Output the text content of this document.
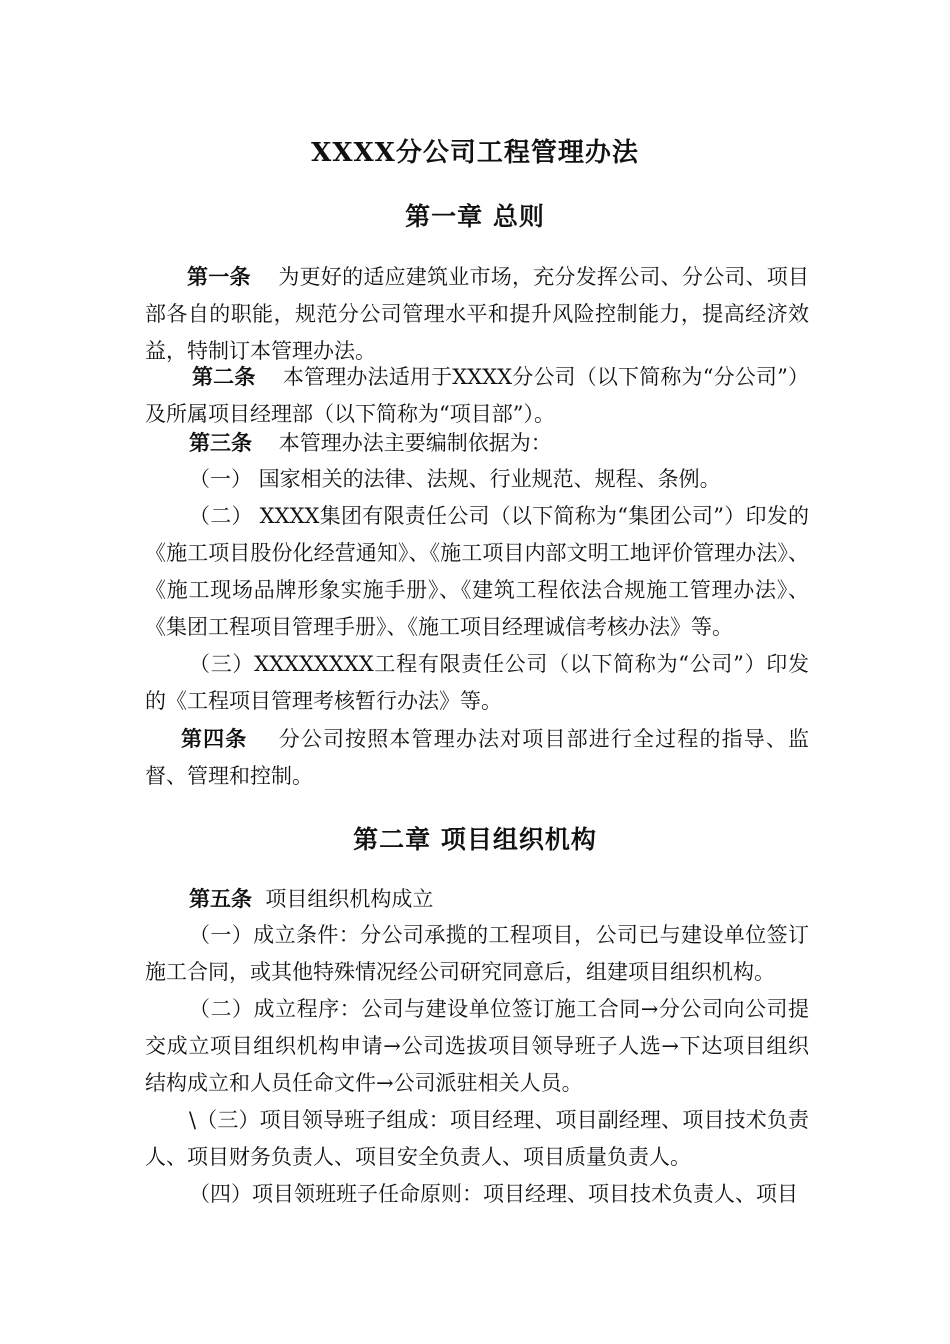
XXXX分公司工程管理办法
第一章 总则

第一条 为更好的适应建筑业市场，充分发挥公司、分公司、项目部各自的职能，规范分公司管理水平和提升风险控制能力，提高经济效益，特制订本管理办法。

第二条 本管理办法适用于XXXX分公司（以下简称为“分公司”）及所属项目经理部（以下简称为“项目部”）。

第三条 本管理办法主要编制依据为：

（一） 国家相关的法律、法规、行业规范、规程、条例。

（二） XXXX集团有限责任公司（以下简称为“集团公司”）印发的《施工项目股份化经营通知》、《施工项目内部文明工地评价管理办法》、《施工现场品牌形象实施手册》、《建筑工程依法合规施工管理办法》、《集团工程项目管理手册》、《施工项目经理诚信考核办法》等。

（三）XXXXXXXX工程有限责任公司（以下简称为“公司”）印发的《工程项目管理考核暂行办法》等。

第四条 分公司按照本管理办法对项目部进行全过程的指导、监督、管理和控制。

第二章 项目组织机构

第五条 项目组织机构成立

（一）成立条件：分公司承揽的工程项目，公司已与建设单位签订施工合同，或其他特殊情况经公司研究同意后，组建项目组织机构。

（二）成立程序：公司与建设单位签订施工合同→分公司向公司提交成立项目组织机构申请→公司选拔项目领导班子人选→下达项目组织结构成立和人员任命文件→公司派驻相关人员。

\（三）项目领导班子组成：项目经理、项目副经理、项目技术负责人、项目财务负责人、项目安全负责人、项目质量负责人。

（四）项目领班班子任命原则：项目经理、项目技术负责人、项目
